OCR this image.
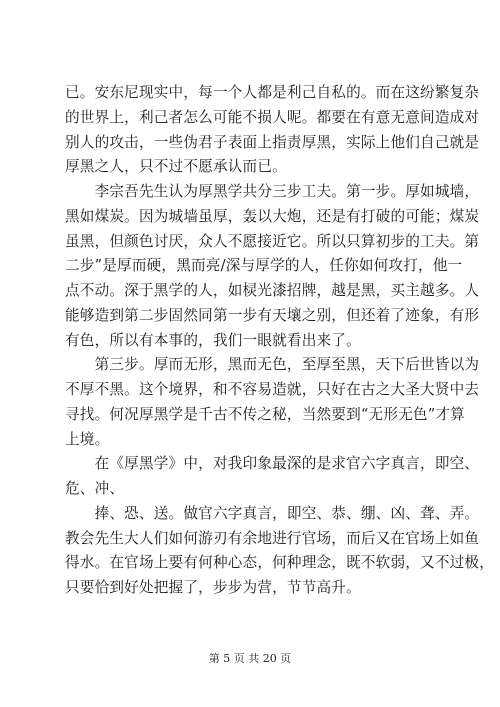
已。安东尼现实中，每一个人都是利己自私的。而在这纷繁复杂
的世界上，利己者怎么可能不损人呢。都要在有意无意间造成对
别人的攻击，一些伪君子表面上指责厚黑，实际上他们自己就是
厚黑之人，只不过不愿承认而已。
　　李宗吾先生认为厚黑学共分三步工夫。第一步。厚如城墙，
黑如煤炭。因为城墙虽厚，轰以大炮，还是有打破的可能；煤炭
虽黑，但颜色讨厌，众人不愿接近它。所以只算初步的工夫。第
二步”是厚而硬，黑而亮/深与厚学的人，任你如何攻打，他一
点不动。深于黑学的人，如棂光漆招牌，越是黑，买主越多。人
能够造到第二步固然同第一步有天壤之别，但还着了迹象，有形
有色，所以有本事的，我们一眼就看出来了。
　　第三步。厚而无形，黑而无色，至厚至黑，天下后世皆以为
不厚不黑。这个境界，和不容易造就，只好在古之大圣大贤中去
寻找。何况厚黑学是千古不传之秘，当然要到“无形无色”才算
上境。
　　在《厚黑学》中，对我印象最深的是求官六字真言，即空、
危、冲、
　　捧、恐、送。做官六字真言，即空、恭、绷、凶、聋、弄。
教会先生大人们如何游刃有余地进行官场，而后又在官场上如鱼
得水。在官场上要有何种心态，何种理念，既不软弱，又不过极，
只要恰到好处把握了，步步为营，节节高升。
第 5 页 共 20 页
